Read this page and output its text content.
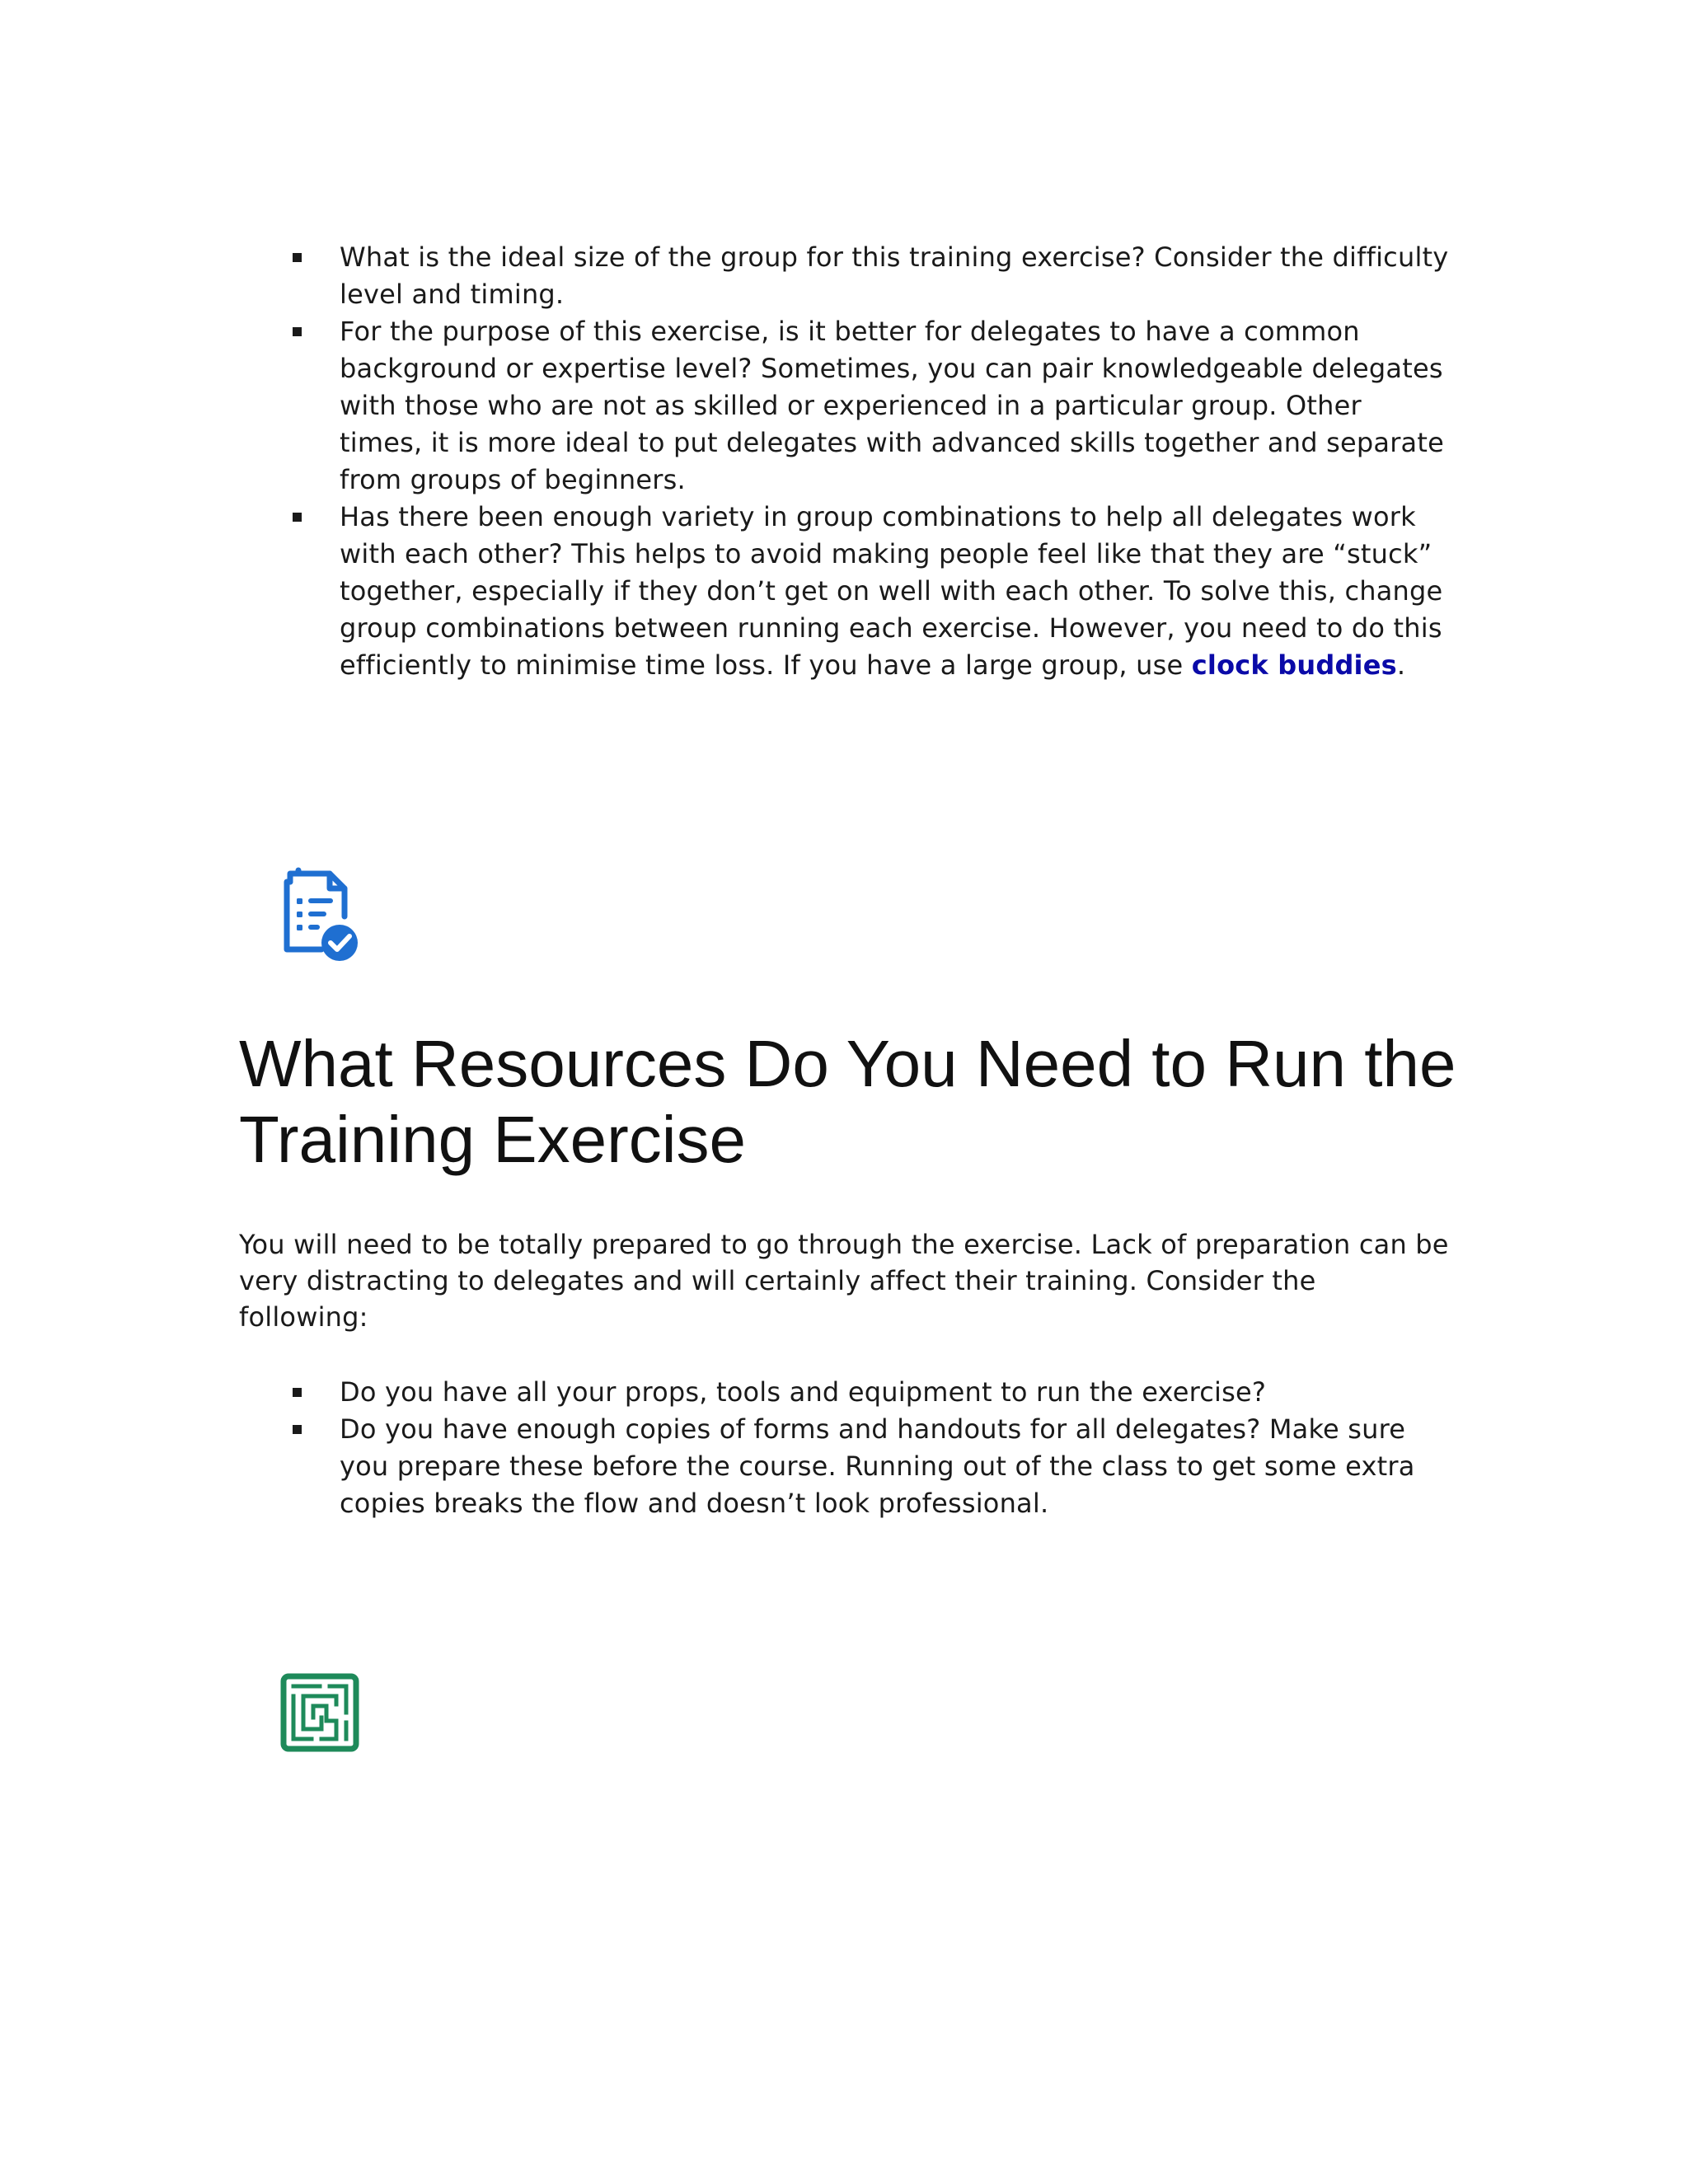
What is the ideal size of the group for this training exercise? Consider the difficulty level and timing.
For the purpose of this exercise, is it better for delegates to have a common background or expertise level? Sometimes, you can pair knowledgeable delegates with those who are not as skilled or experienced in a particular group. Other times, it is more ideal to put delegates with advanced skills together and separate from groups of beginners.
Has there been enough variety in group combinations to help all delegates work with each other? This helps to avoid making people feel like that they are “stuck” together, especially if they don’t get on well with each other. To solve this, change group combinations between running each exercise. However, you need to do this efficiently to minimise time loss. If you have a large group, use clock buddies.
What Resources Do You Need to Run the Training Exercise

You will need to be totally prepared to go through the exercise. Lack of preparation can be very distracting to delegates and will certainly affect their training. Consider the following:

Do you have all your props, tools and equipment to run the exercise?
Do you have enough copies of forms and handouts for all delegates? Make sure you prepare these before the course. Running out of the class to get some extra copies breaks the flow and doesn’t look professional.
